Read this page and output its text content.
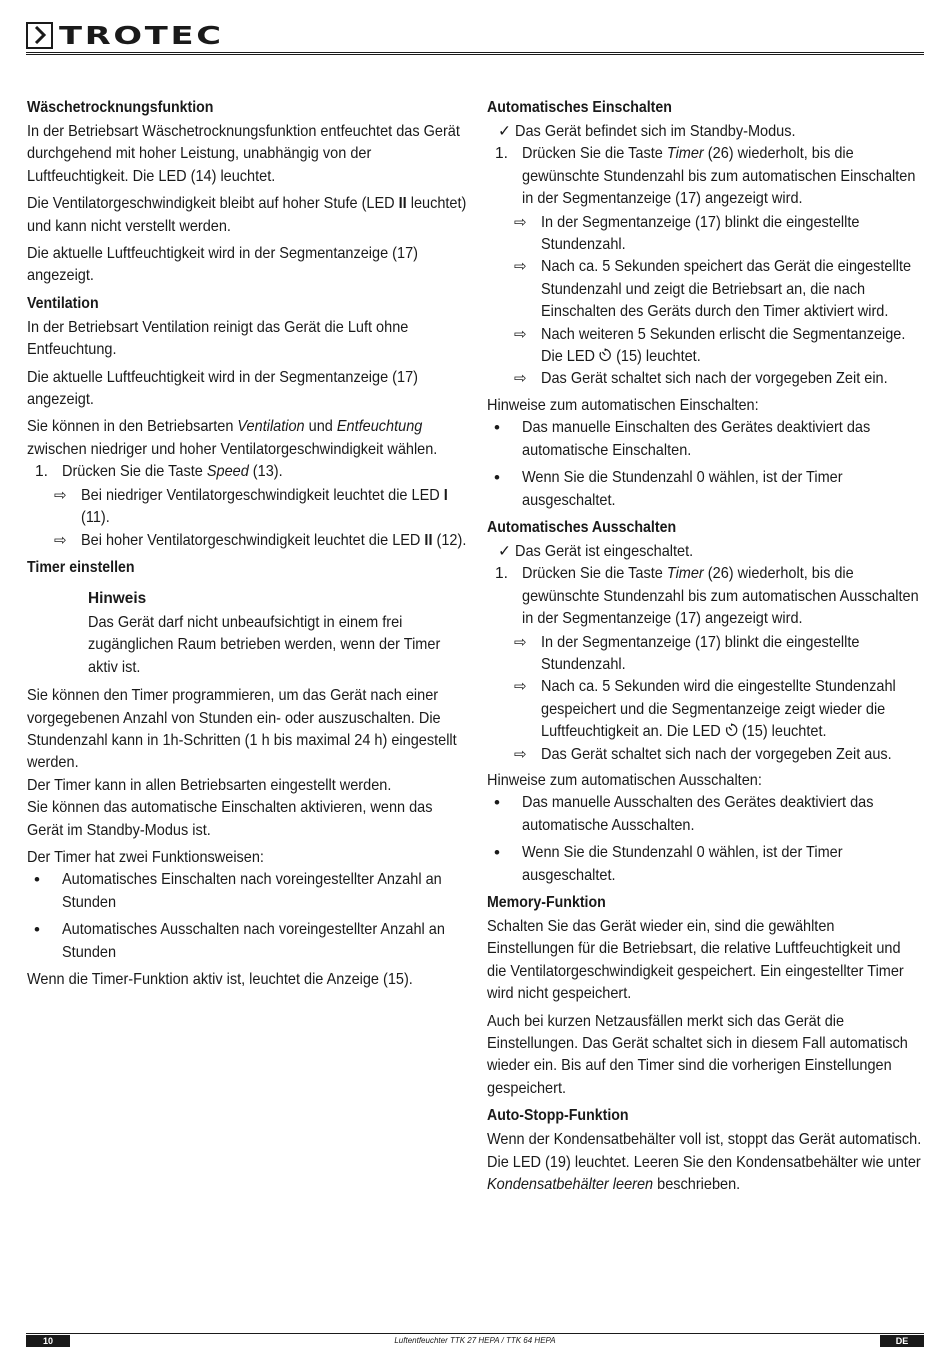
TROTEC
Wäschetrocknungsfunktion

In der Betriebsart Wäschetrocknungsfunktion entfeuchtet das Gerät durchgehend mit hoher Leistung, unabhängig von der Luftfeuchtigkeit. Die LED (14) leuchtet.

Die Ventilatorgeschwindigkeit bleibt auf hoher Stufe (LED II leuchtet) und kann nicht verstellt werden.

Die aktuelle Luftfeuchtigkeit wird in der Segmentanzeige (17) angezeigt.

Ventilation

In der Betriebsart Ventilation reinigt das Gerät die Luft ohne Entfeuchtung.

Die aktuelle Luftfeuchtigkeit wird in der Segmentanzeige (17) angezeigt.

Sie können in den Betriebsarten Ventilation und Entfeuchtung zwischen niedriger und hoher Ventilatorgeschwindigkeit wählen.

1. Drücken Sie die Taste Speed (13).
⇨ Bei niedriger Ventilatorgeschwindigkeit leuchtet die LED I (11).
⇨ Bei hoher Ventilatorgeschwindigkeit leuchtet die LED II (12).
Timer einstellen
Hinweis
Das Gerät darf nicht unbeaufsichtigt in einem frei zugänglichen Raum betrieben werden, wenn der Timer aktiv ist.

Sie können den Timer programmieren, um das Gerät nach einer vorgegebenen Anzahl von Stunden ein- oder auszuschalten. Die Stundenzahl kann in 1h-Schritten (1 h bis maximal 24 h) eingestellt werden.

Der Timer kann in allen Betriebsarten eingestellt werden.

Sie können das automatische Einschalten aktivieren, wenn das Gerät im Standby-Modus ist.

Der Timer hat zwei Funktionsweisen:

• Automatisches Einschalten nach voreingestellter Anzahl an Stunden
• Automatisches Ausschalten nach voreingestellter Anzahl an Stunden

Wenn die Timer-Funktion aktiv ist, leuchtet die Anzeige (15).

Automatisches Einschalten
✓ Das Gerät befindet sich im Standby-Modus.
1. Drücken Sie die Taste Timer (26) wiederholt, bis die gewünschte Stundenzahl bis zum automatischen Einschalten in der Segmentanzeige (17) angezeigt wird.
⇨ In der Segmentanzeige (17) blinkt die eingestellte Stundenzahl.
⇨ Nach ca. 5 Sekunden speichert das Gerät die eingestellte Stundenzahl und zeigt die Betriebsart an, die nach Einschalten des Geräts durch den Timer aktiviert wird.
⇨ Nach weiteren 5 Sekunden erlischt die Segmentanzeige. Die LED  (15) leuchtet.
⇨ Das Gerät schaltet sich nach der vorgegeben Zeit ein.

Hinweise zum automatischen Einschalten:

• Das manuelle Einschalten des Gerätes deaktiviert das automatische Einschalten.
• Wenn Sie die Stundenzahl 0 wählen, ist der Timer ausgeschaltet.
Automatisches Ausschalten
✓ Das Gerät ist eingeschaltet.
1. Drücken Sie die Taste Timer (26) wiederholt, bis die gewünschte Stundenzahl bis zum automatischen Ausschalten in der Segmentanzeige (17) angezeigt wird.
⇨ In der Segmentanzeige (17) blinkt die eingestellte Stundenzahl.
⇨ Nach ca. 5 Sekunden wird die eingestellte Stundenzahl gespeichert und die Segmentanzeige zeigt wieder die Luftfeuchtigkeit an. Die LED  (15) leuchtet.
⇨ Das Gerät schaltet sich nach der vorgegeben Zeit aus.

Hinweise zum automatischen Ausschalten:

• Das manuelle Ausschalten des Gerätes deaktiviert das automatische Ausschalten.
• Wenn Sie die Stundenzahl 0 wählen, ist der Timer ausgeschaltet.
Memory-Funktion

Schalten Sie das Gerät wieder ein, sind die gewählten Einstellungen für die Betriebsart, die relative Luftfeuchtigkeit und die Ventilatorgeschwindigkeit gespeichert. Ein eingestellter Timer wird nicht gespeichert.

Auch bei kurzen Netzausfällen merkt sich das Gerät die Einstellungen. Das Gerät schaltet sich in diesem Fall automatisch wieder ein. Bis auf den Timer sind die vorherigen Einstellungen gespeichert.

Auto-Stopp-Funktion

Wenn der Kondensatbehälter voll ist, stoppt das Gerät automatisch. Die LED (19) leuchtet. Leeren Sie den Kondensatbehälter wie unter Kondensatbehälter leeren beschrieben.

10	Luftentfeuchter TTK 27 HEPA / TTK 64 HEPA	DE
